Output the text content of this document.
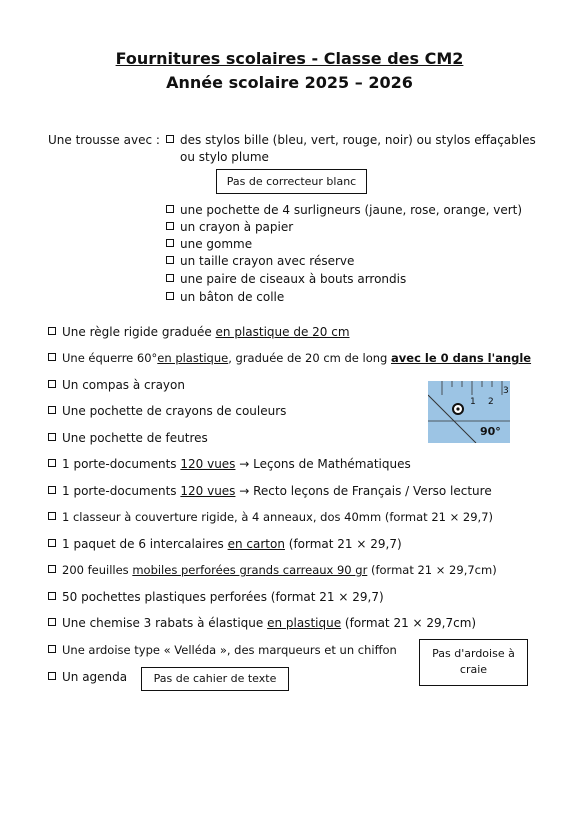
Fournitures scolaires - Classe des CM2
Année scolaire 2025 – 2026
Une trousse avec :	des stylos bille (bleu, vert, rouge, noir) ou stylos effaçables
ou stylo plume
Pas de correcteur blanc
une pochette de 4 surligneurs (jaune, rose, orange, vert)
un crayon à papier
une gomme
un taille crayon avec réserve
une paire de ciseaux à bouts arrondis
un bâton de colle
Une règle rigide graduée en plastique de 20 cm
Une équerre 60°en plastique, graduée de 20 cm de long avec le 0 dans l'angle
Un compas à crayon
Une pochette de crayons de couleurs
Une pochette de feutres
1 porte-documents 120 vues → Leçons de Mathématiques
1 porte-documents 120 vues → Recto leçons de Français / Verso lecture
1 classeur à couverture rigide, à 4 anneaux, dos 40mm (format 21 × 29,7)
1 paquet de 6 intercalaires en carton (format 21 × 29,7)
200 feuilles mobiles perforées grands carreaux 90 gr (format 21 × 29,7cm)
50 pochettes plastiques perforées (format 21 × 29,7)
Une chemise 3 rabats à élastique en plastique (format 21 × 29,7cm)
Une ardoise type « Velléda », des marqueurs et un chiffon
Un agenda	Pas de cahier de texte
Pas d'ardoise à
craie
1 2
3
90°
